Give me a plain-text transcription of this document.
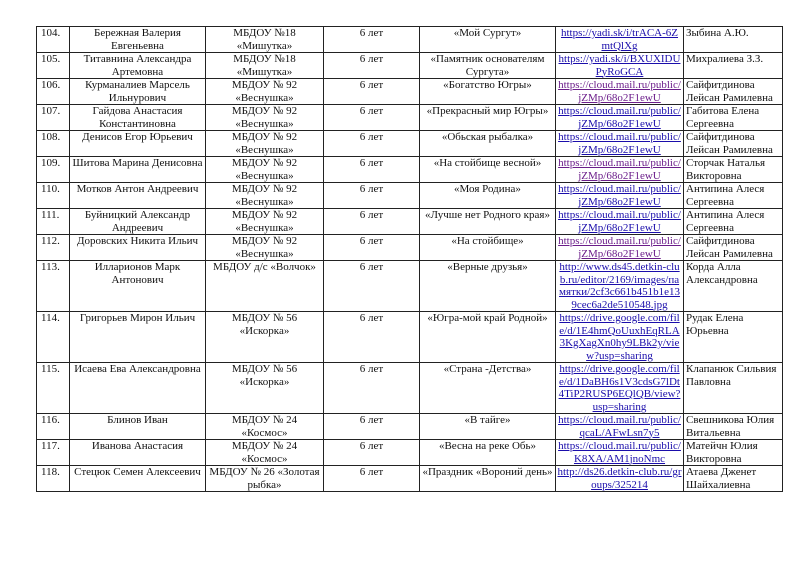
104.	Бережная Валерия Евгеньевна	МБДОУ №18 «Мишутка»	6 лет	«Мой Сургут»	https://yadi.sk/i/trACA-6ZmtQlXg	Зыбина А.Ю.
105.	Титавнина Александра Артемовна	МБДОУ №18 «Мишутка»	6 лет	«Памятник основателям Сургута»	https://yadi.sk/i/BXUXIDUPyRoGCA	Михралиева З.З.
106.	Курманалиев Марсель Ильнурович	МБДОУ № 92 «Веснушка»	6 лет	«Богатство Югры»	https://cloud.mail.ru/public/jZMp/68o2F1ewU	Сайфитдинова Лейсан Рамилевна
107.	Гайдова Анастасия Константиновна	МБДОУ № 92 «Веснушка»	6 лет	«Прекрасный мир Югры»	https://cloud.mail.ru/public/jZMp/68o2F1ewU	Габитова Елена Сергеевна
108.	Денисов Егор Юрьевич	МБДОУ № 92 «Веснушка»	6 лет	«Обьская рыбалка»	https://cloud.mail.ru/public/jZMp/68o2F1ewU	Сайфитдинова Лейсан Рамилевна
109.	Шитова Марина Денисовна	МБДОУ № 92 «Веснушка»	6 лет	«На стойбище весной»	https://cloud.mail.ru/public/jZMp/68o2F1ewU	Сторчак Наталья Викторовна
110.	Мотков Антон Андреевич	МБДОУ № 92 «Веснушка»	6 лет	«Моя Родина»	https://cloud.mail.ru/public/jZMp/68o2F1ewU	Антипина Алеся Сергеевна
111.	Буйницкий Александр Андреевич	МБДОУ № 92 «Веснушка»	6 лет	«Лучше нет Родного края»	https://cloud.mail.ru/public/jZMp/68o2F1ewU	Антипина Алеся Сергеевна
112.	Доровских Никита Ильич	МБДОУ № 92 «Веснушка»	6 лет	«На стойбище»	https://cloud.mail.ru/public/jZMp/68o2F1ewU	Сайфитдинова Лейсан Рамилевна
113.	Илларионов Марк Антонович	МБДОУ д/с «Волчок»	6 лет	«Верные друзья»	http://www.ds45.detkin-club.ru/editor/2169/images/памятки/2cf3c661b451b1e139cec6a2de510548.jpg	Корда Алла Александровна
114.	Григорьев Мирон Ильич	МБДОУ № 56 «Искорка»	6 лет	«Югра-мой край Родной»	https://drive.google.com/file/d/1E4hmQoUuxhEqRLA3KgXagXn0hy9LBk2y/view?usp=sharing	Рудак Елена Юрьевна
115.	Исаева Ева Александровна	МБДОУ № 56 «Искорка»	6 лет	«Страна -Детства»	https://drive.google.com/file/d/1DaBH6s1V3cdsG7lDt4TiP2RUSP6EQlQB/view?usp=sharing	Клапанюк Сильвия Павловна
116.	Блинов Иван	МБДОУ № 24 «Космос»	6 лет	«В тайге»	https://cloud.mail.ru/public/qcaL/AFwLsn7y5	Свешникова Юлия Витальевна
117.	Иванова Анастасия	МБДОУ № 24 «Космос»	6 лет	«Весна на реке Обь»	https://cloud.mail.ru/public/K8XA/AM1jnoNmc	Матейчн Юлия Викторовна
118.	Стецюк Семен Алексеевич	МБДОУ № 26 «Золотая рыбка»	6 лет	«Праздник «Вороний день»	http://ds26.detkin-club.ru/groups/325214	Атаева Дженет Шайхалиевна
